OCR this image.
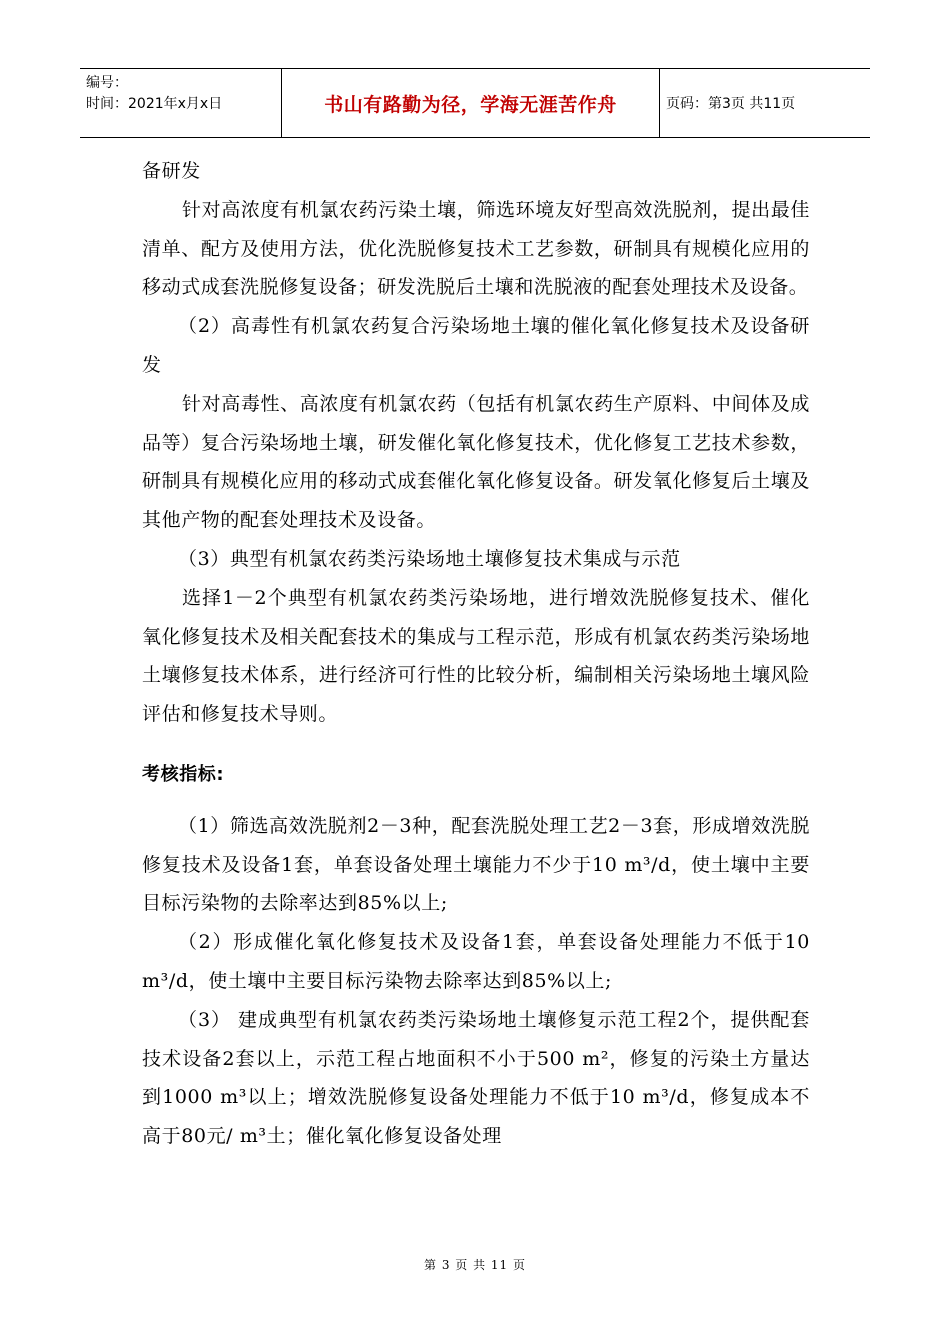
编号：
时间：2021年x月x日	书山有路勤为径，学海无涯苦作舟	页码：第3页 共11页

备研发

针对高浓度有机氯农药污染土壤，筛选环境友好型高效洗脱剂，提出最佳清单、配方及使用方法，优化洗脱修复技术工艺参数，研制具有规模化应用的移动式成套洗脱修复设备；研发洗脱后土壤和洗脱液的配套处理技术及设备。

（2）高毒性有机氯农药复合污染场地土壤的催化氧化修复技术及设备研发

针对高毒性、高浓度有机氯农药（包括有机氯农药生产原料、中间体及成品等）复合污染场地土壤，研发催化氧化修复技术，优化修复工艺技术参数，研制具有规模化应用的移动式成套催化氧化修复设备。研发氧化修复后土壤及其他产物的配套处理技术及设备。

（3）典型有机氯农药类污染场地土壤修复技术集成与示范

选择1－2个典型有机氯农药类污染场地，进行增效洗脱修复技术、催化氧化修复技术及相关配套技术的集成与工程示范，形成有机氯农药类污染场地土壤修复技术体系，进行经济可行性的比较分析，编制相关污染场地土壤风险评估和修复技术导则。

考核指标:

（1）筛选高效洗脱剂2－3种，配套洗脱处理工艺2－3套，形成增效洗脱修复技术及设备1套，单套设备处理土壤能力不少于10 m³/d，使土壤中主要目标污染物的去除率达到85%以上;

（2）形成催化氧化修复技术及设备1套，单套设备处理能力不低于10 m³/d，使土壤中主要目标污染物去除率达到85%以上;

（3） 建成典型有机氯农药类污染场地土壤修复示范工程2个，提供配套技术设备2套以上，示范工程占地面积不小于500 m²，修复的污染土方量达到1000 m³以上；增效洗脱修复设备处理能力不低于10 m³/d，修复成本不高于80元/ m³土；催化氧化修复设备处理

第 3 页 共 11 页
